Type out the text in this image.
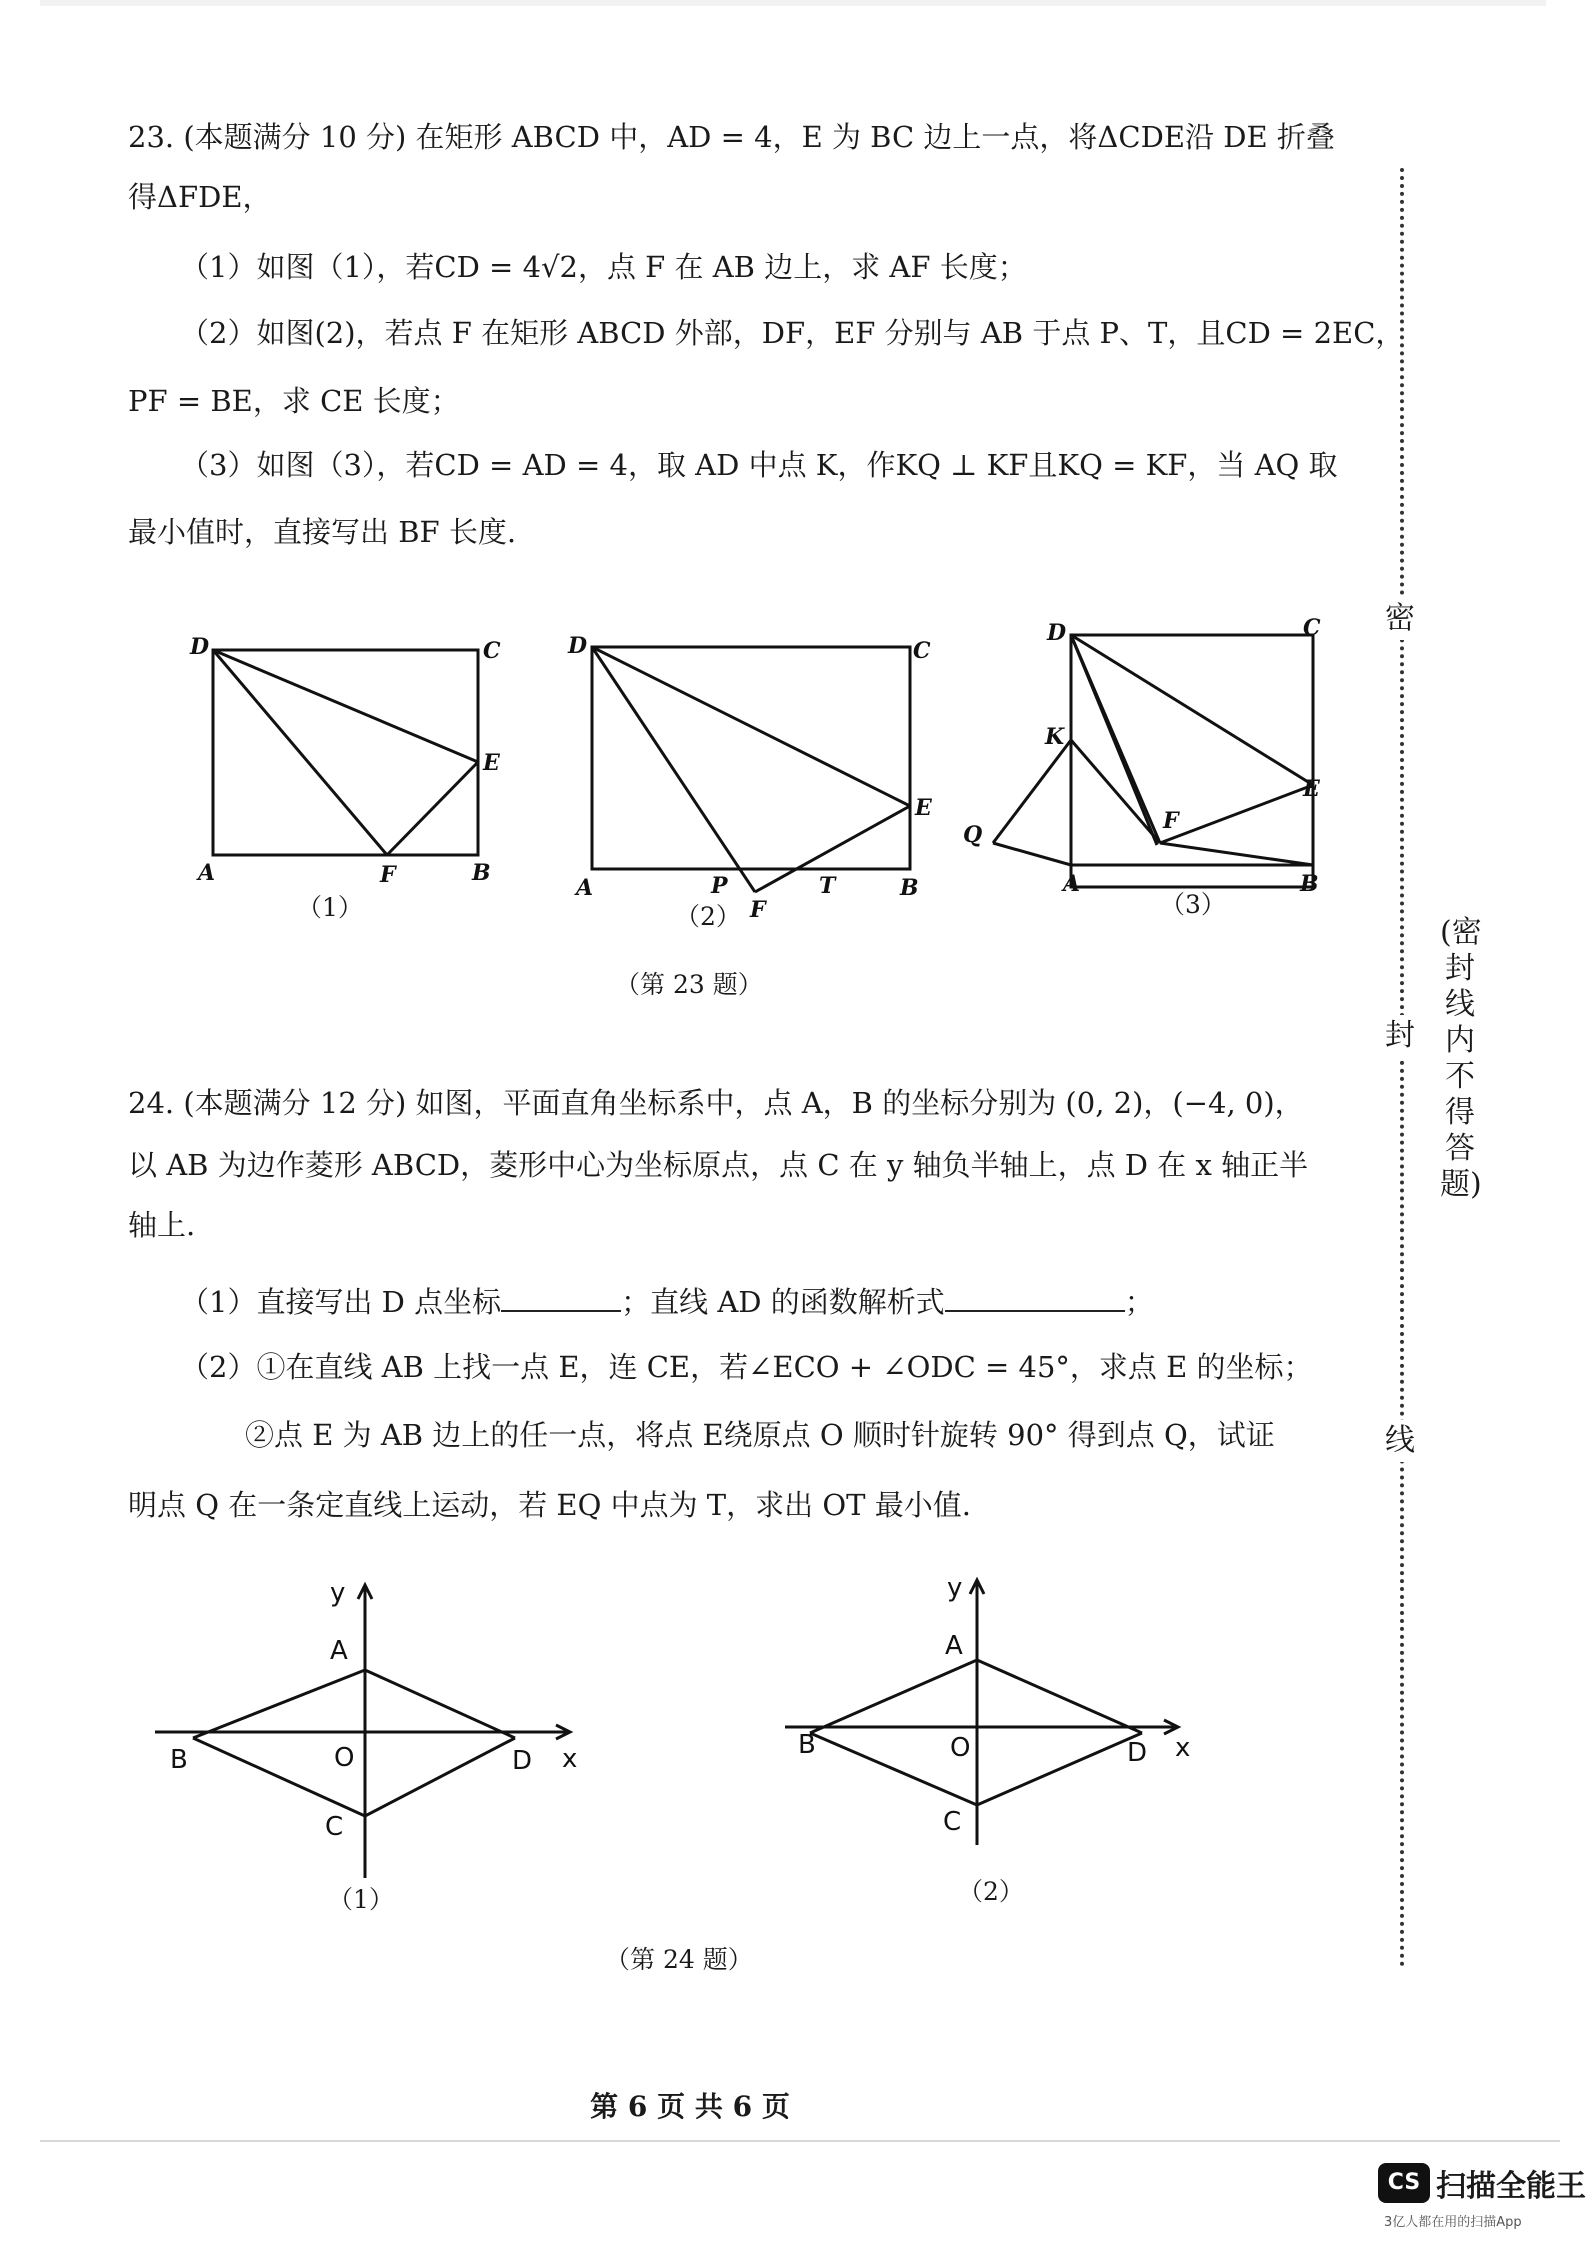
23. (本题满分 10 分) 在矩形 ABCD 中，AD = 4，E 为 BC 边上一点，将ΔCDE沿 DE 折叠
得ΔFDE，
（1）如图（1），若CD = 4√2，点 F 在 AB 边上，求 AF 长度；
（2）如图(2)，若点 F 在矩形 ABCD 外部，DF，EF 分别与 AB 于点 P、T，且CD = 2EC，
PF = BE，求 CE 长度；
（3）如图（3），若CD = AD = 4，取 AD 中点 K，作KQ ⊥ KF且KQ = KF，当 AQ 取
最小值时，直接写出 BF 长度.
D	C
E
A	F	B
（1）
D	C
E
A	P	T	B
F
（2）
D	C
K
E
F
Q
A	B
（3）
（第 23 题）
24. (本题满分 12 分) 如图，平面直角坐标系中，点 A，B 的坐标分别为 (0, 2)，(−4, 0)，
以 AB 为边作菱形 ABCD，菱形中心为坐标原点，点 C 在 y 轴负半轴上，点 D 在 x 轴正半
轴上.
（1）直接写出 D 点坐标	；直线 AD 的函数解析式	；
（2）①在直线 AB 上找一点 E，连 CE，若∠ECO + ∠ODC = 45°，求点 E 的坐标；
②点 E 为 AB 边上的任一点，将点 E绕原点 O 顺时针旋转 90° 得到点 Q，试证
明点 Q 在一条定直线上运动，若 EQ 中点为 T，求出 OT 最小值.
y
A
B	O	D x
C
（1）
y
A
B	O	D x
C
（2）
（第 24 题）
密
封
线
(密封线内不得答题)
第 6 页 共 6 页
CS 扫描全能王
3亿人都在用的扫描App
